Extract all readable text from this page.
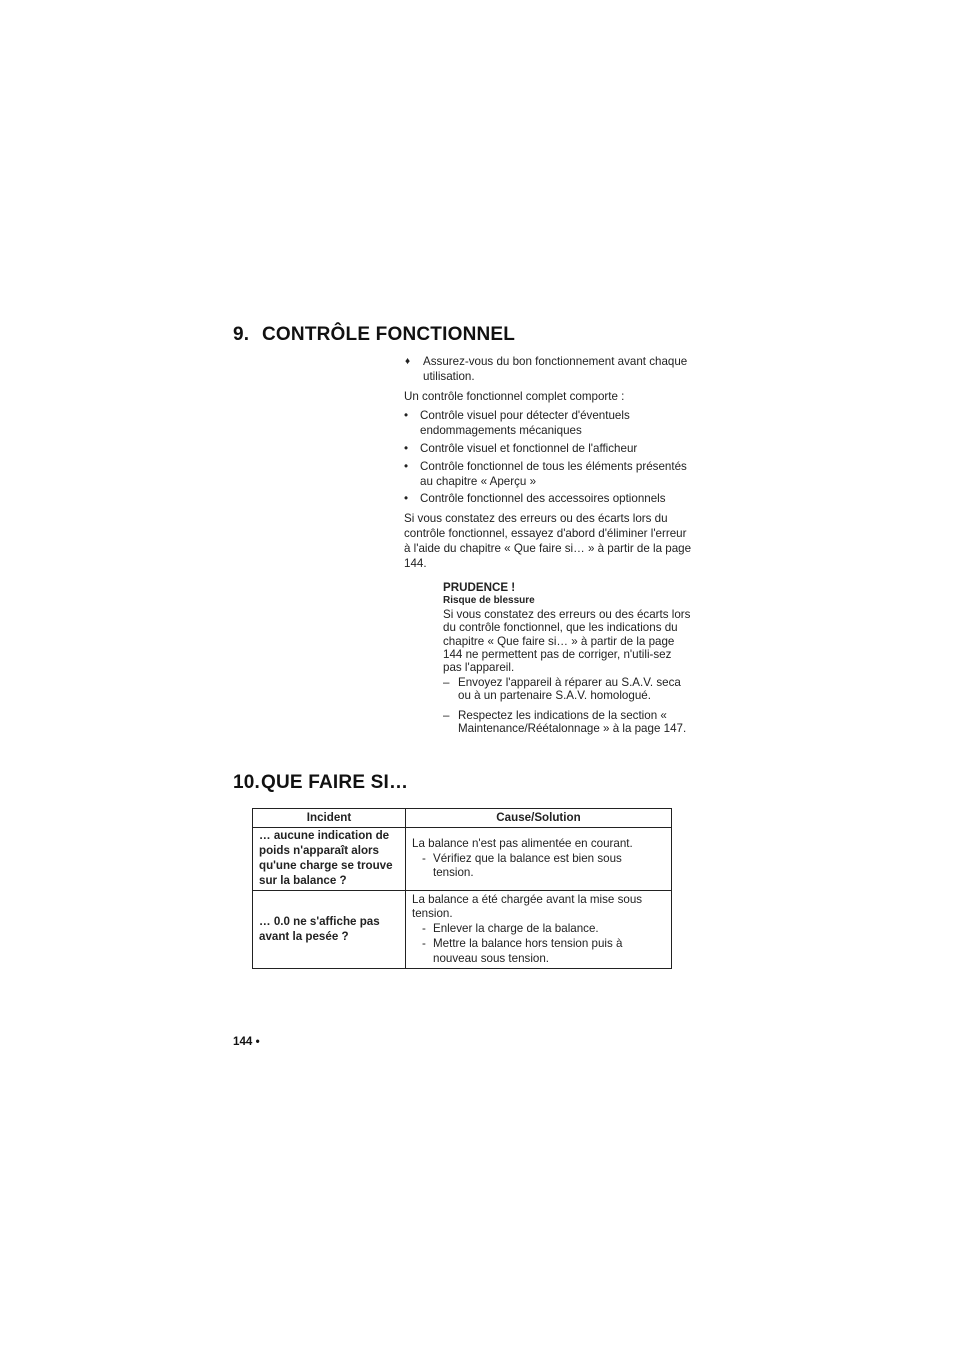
9. CONTRÔLE FONCTIONNEL

♦ Assurez-vous du bon fonctionnement avant chaque utilisation.

Un contrôle fonctionnel complet comporte :

• Contrôle visuel pour détecter d'éventuels endommagements mécaniques

• Contrôle visuel et fonctionnel de l'afficheur

• Contrôle fonctionnel de tous les éléments présentés au chapitre « Aperçu »

• Contrôle fonctionnel des accessoires optionnels

Si vous constatez des erreurs ou des écarts lors du contrôle fonctionnel, essayez d'abord d'éliminer l'erreur à l'aide du chapitre « Que faire si… » à partir de la page 144.

PRUDENCE !
Risque de blessure
Si vous constatez des erreurs ou des écarts lors du contrôle fonctionnel, que les indications du chapitre « Que faire si… » à partir de la page 144 ne permettent pas de corriger, n'utili-sez pas l'appareil.
– Envoyez l'appareil à réparer au S.A.V. seca ou à un partenaire S.A.V. homologué.
– Respectez les indications de la section « Maintenance/Réétalonnage » à la page 147.
10.QUE FAIRE SI…
Incident	Cause/Solution
… aucune indication de poids n'apparaît alors qu'une charge se trouve sur la balance ?	La balance n'est pas alimentée en courant.
- Vérifiez que la balance est bien sous tension.

… 0.0 ne s'affiche pas avant la pesée ?	La balance a été chargée avant la mise sous tension.
- Enlever la charge de la balance.
- Mettre la balance hors tension puis à nouveau sous tension.
144 •
